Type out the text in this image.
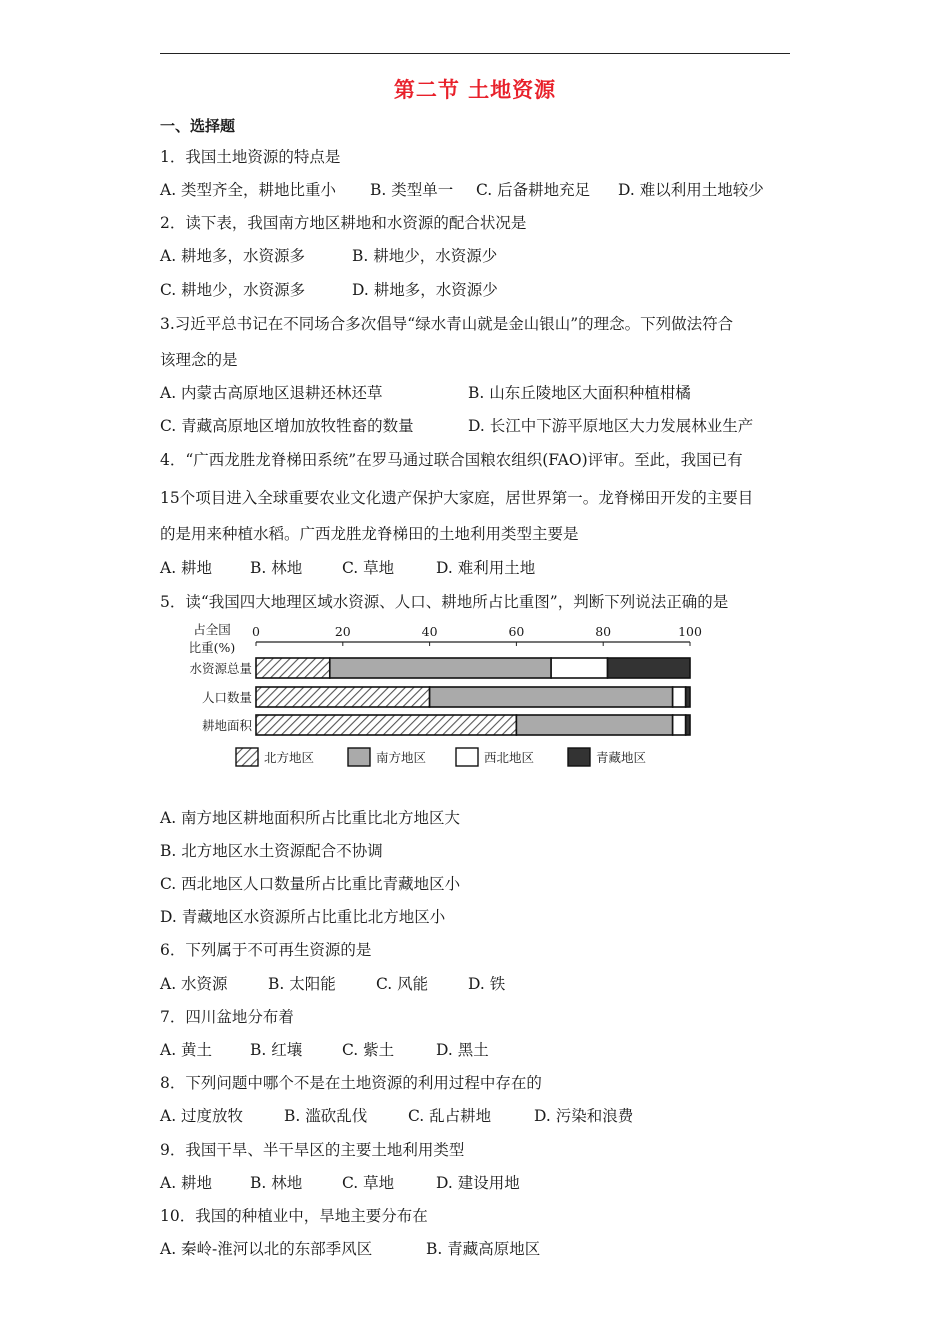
第二节 土地资源
一、选择题
1．我国土地资源的特点是
A. 类型齐全，耕地比重小 B. 类型单一 C. 后备耕地充足 D. 难以利用土地较少
2．读下表，我国南方地区耕地和水资源的配合状况是
A. 耕地多，水资源多	B. 耕地少，水资源少
C. 耕地少，水资源多	D. 耕地多，水资源少
3.习近平总书记在不同场合多次倡导“绿水青山就是金山银山”的理念。下列做法符合
该理念的是
A. 内蒙古高原地区退耕还林还草	B. 山东丘陵地区大面积种植柑橘
C. 青藏高原地区增加放牧牲畜的数量	D. 长江中下游平原地区大力发展林业生产
4．“广西龙胜龙脊梯田系统”在罗马通过联合国粮农组织(FAO)评审。至此，我国已有
15个项目进入全球重要农业文化遗产保护大家庭，居世界第一。龙脊梯田开发的主要目
的是用来种植水稻。广西龙胜龙脊梯田的土地利用类型主要是
A. 耕地 B. 林地	C. 草地	D. 难利用土地
5．读“我国四大地理区域水资源、人口、耕地所占比重图”，判断下列说法正确的是
占全国
比重(%)
0	20	40	60	80	100
水资源总量
人口数量
耕地面积
北方地区	南方地区	西北地区	青藏地区
A. 南方地区耕地面积所占比重比北方地区大
B. 北方地区水土资源配合不协调
C. 西北地区人口数量所占比重比青藏地区小
D. 青藏地区水资源所占比重比北方地区小
6．下列属于不可再生资源的是
A. 水资源	B. 太阳能	C. 风能	D. 铁
7．四川盆地分布着
A. 黄土 B. 红壤	C. 紫土	D. 黑土
8．下列问题中哪个不是在土地资源的利用过程中存在的
A. 过度放牧	B. 滥砍乱伐	C. 乱占耕地	D. 污染和浪费
9．我国干旱、半干旱区的主要土地利用类型
A. 耕地 B. 林地	C. 草地	D. 建设用地
10．我国的种植业中，旱地主要分布在
A. 秦岭-淮河以北的东部季风区	B. 青藏高原地区
